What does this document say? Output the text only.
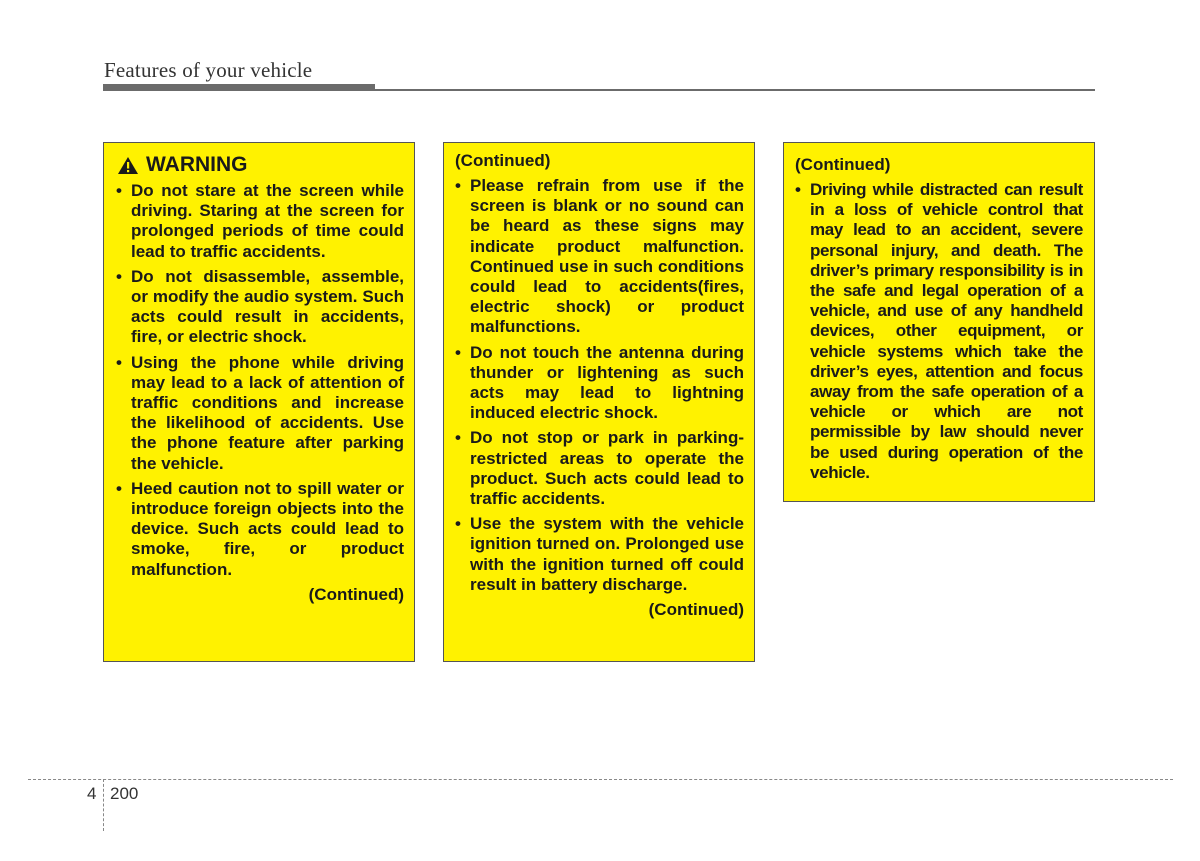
Features of your vehicle
WARNING
• Do not stare at the screen while driving. Staring at the screen for prolonged periods of time could lead to traffic accidents.
• Do not disassemble, assemble, or modify the audio system. Such acts could result in accidents, fire, or electric shock.
• Using the phone while driving may lead to a lack of attention of traffic conditions and increase the likelihood of accidents. Use the phone feature after parking the vehicle.
• Heed caution not to spill water or introduce foreign objects into the device. Such acts could lead to smoke, fire, or product malfunction.
(Continued)
(Continued)
• Please refrain from use if the screen is blank or no sound can be heard as these signs may indicate product malfunction. Continued use in such conditions could lead to accidents(fires, electric shock) or product malfunctions.
• Do not touch the antenna during thunder or lightening as such acts may lead to lightning induced electric shock.
• Do not stop or park in parking-restricted areas to operate the product. Such acts could lead to traffic accidents.
• Use the system with the vehicle ignition turned on. Prolonged use with the ignition turned off could result in battery discharge.
(Continued)
(Continued)
• Driving while distracted can result in a loss of vehicle control that may lead to an accident, severe personal injury, and death. The driver’s primary responsibility is in the safe and legal operation of a vehicle, and use of any handheld devices, other equipment, or vehicle systems which take the driver’s eyes, attention and focus away from the safe operation of a vehicle or which are not permissible by law should never be used during operation of the vehicle.
4 200
